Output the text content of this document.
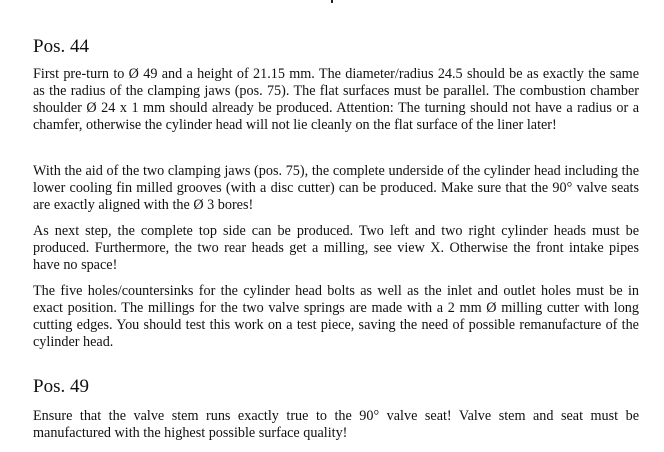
Pos. 44

First pre-turn to Ø 49 and a height of 21.15 mm. The diameter/radius 24.5 should be as exactly the same as the radius of the clamping jaws (pos. 75). The flat surfaces must be parallel. The combustion chamber shoulder Ø 24 x 1 mm should already be produced. Attention: The turning should not have a radius or a chamfer, otherwise the cylinder head will not lie cleanly on the flat surface of the liner later!

With the aid of the two clamping jaws (pos. 75), the complete underside of the cylinder head including the lower cooling fin milled grooves (with a disc cutter) can be produced. Make sure that the 90° valve seats are exactly aligned with the Ø 3 bores!

As next step, the complete top side can be produced. Two left and two right cylinder heads must be produced. Furthermore, the two rear heads get a milling, see view X. Otherwise the front intake pipes have no space!

The five holes/countersinks for the cylinder head bolts as well as the inlet and outlet holes must be in exact position. The millings for the two valve springs are made with a 2 mm Ø milling cutter with long cutting edges. You should test this work on a test piece, saving the need of possible remanufacture of the cylinder head.

Pos. 49

Ensure that the valve stem runs exactly true to the 90° valve seat! Valve stem and seat must be manufactured with the highest possible surface quality!
